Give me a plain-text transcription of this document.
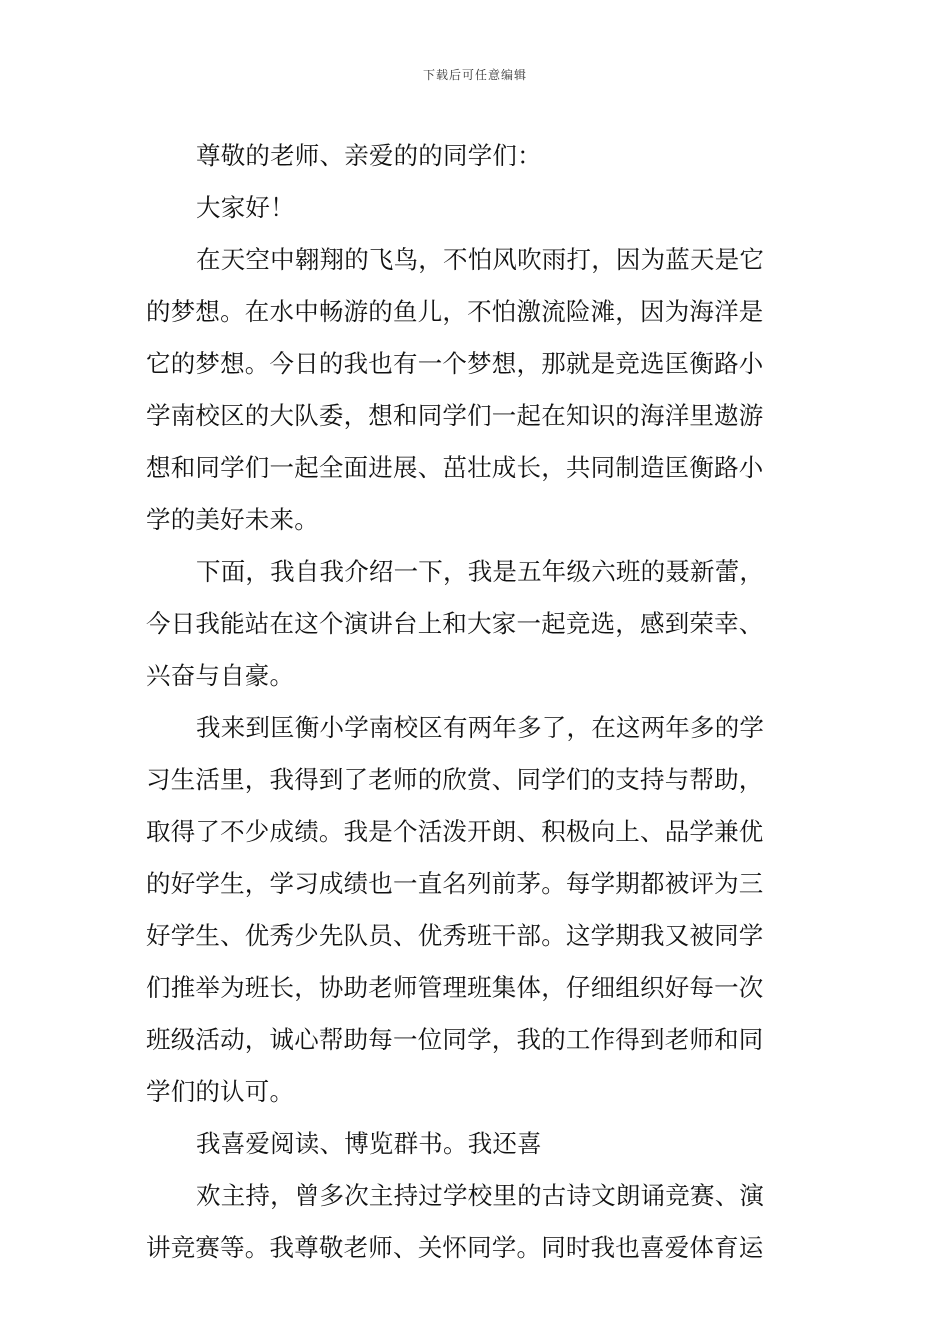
下载后可任意编辑
尊敬的老师、亲爱的的同学们：
大家好！
在天空中翱翔的飞鸟，不怕风吹雨打，因为蓝天是它
的梦想。在水中畅游的鱼儿，不怕激流险滩，因为海洋是
它的梦想。今日的我也有一个梦想，那就是竞选匡衡路小
学南校区的大队委，想和同学们一起在知识的海洋里遨游
想和同学们一起全面进展、茁壮成长，共同制造匡衡路小
学的美好未来。
下面，我自我介绍一下，我是五年级六班的聂新蕾，
今日我能站在这个演讲台上和大家一起竞选，感到荣幸、
兴奋与自豪。
我来到匡衡小学南校区有两年多了，在这两年多的学
习生活里，我得到了老师的欣赏、同学们的支持与帮助，
取得了不少成绩。我是个活泼开朗、积极向上、品学兼优
的好学生，学习成绩也一直名列前茅。每学期都被评为三
好学生、优秀少先队员、优秀班干部。这学期我又被同学
们推举为班长，协助老师管理班集体，仔细组织好每一次
班级活动，诚心帮助每一位同学，我的工作得到老师和同
学们的认可。
我喜爱阅读、博览群书。我还喜
欢主持，曾多次主持过学校里的古诗文朗诵竞赛、演
讲竞赛等。我尊敬老师、关怀同学。同时我也喜爱体育运
